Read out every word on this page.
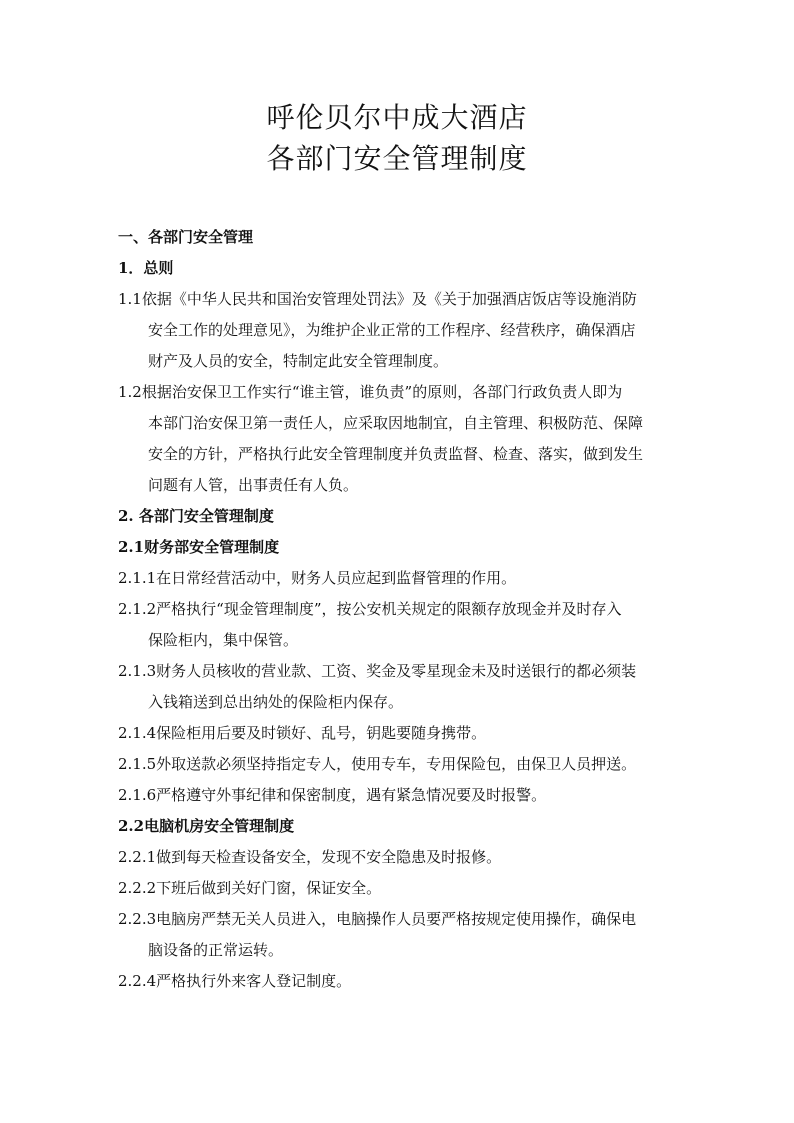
呼伦贝尔中成大酒店
各部门安全管理制度
一、各部门安全管理
1．总则
1.1依据《中华人民共和国治安管理处罚法》及《关于加强酒店饭店等设施消防
安全工作的处理意见》，为维护企业正常的工作程序、经营秩序，确保酒店
财产及人员的安全，特制定此安全管理制度。
1.2根据治安保卫工作实行“谁主管，谁负责”的原则，各部门行政负责人即为
本部门治安保卫第一责任人，应采取因地制宜，自主管理、积极防范、保障
安全的方针，严格执行此安全管理制度并负责监督、检查、落实，做到发生
问题有人管，出事责任有人负。
2. 各部门安全管理制度
2.1财务部安全管理制度
2.1.1在日常经营活动中，财务人员应起到监督管理的作用。
2.1.2严格执行“现金管理制度”，按公安机关规定的限额存放现金并及时存入
保险柜内，集中保管。
2.1.3财务人员核收的营业款、工资、奖金及零星现金未及时送银行的都必须装
入钱箱送到总出纳处的保险柜内保存。
2.1.4保险柜用后要及时锁好、乱号，钥匙要随身携带。
2.1.5外取送款必须坚持指定专人，使用专车，专用保险包，由保卫人员押送。
2.1.6严格遵守外事纪律和保密制度，遇有紧急情况要及时报警。
2.2电脑机房安全管理制度
2.2.1做到每天检查设备安全，发现不安全隐患及时报修。
2.2.2下班后做到关好门窗，保证安全。
2.2.3电脑房严禁无关人员进入，电脑操作人员要严格按规定使用操作，确保电
脑设备的正常运转。
2.2.4严格执行外来客人登记制度。
